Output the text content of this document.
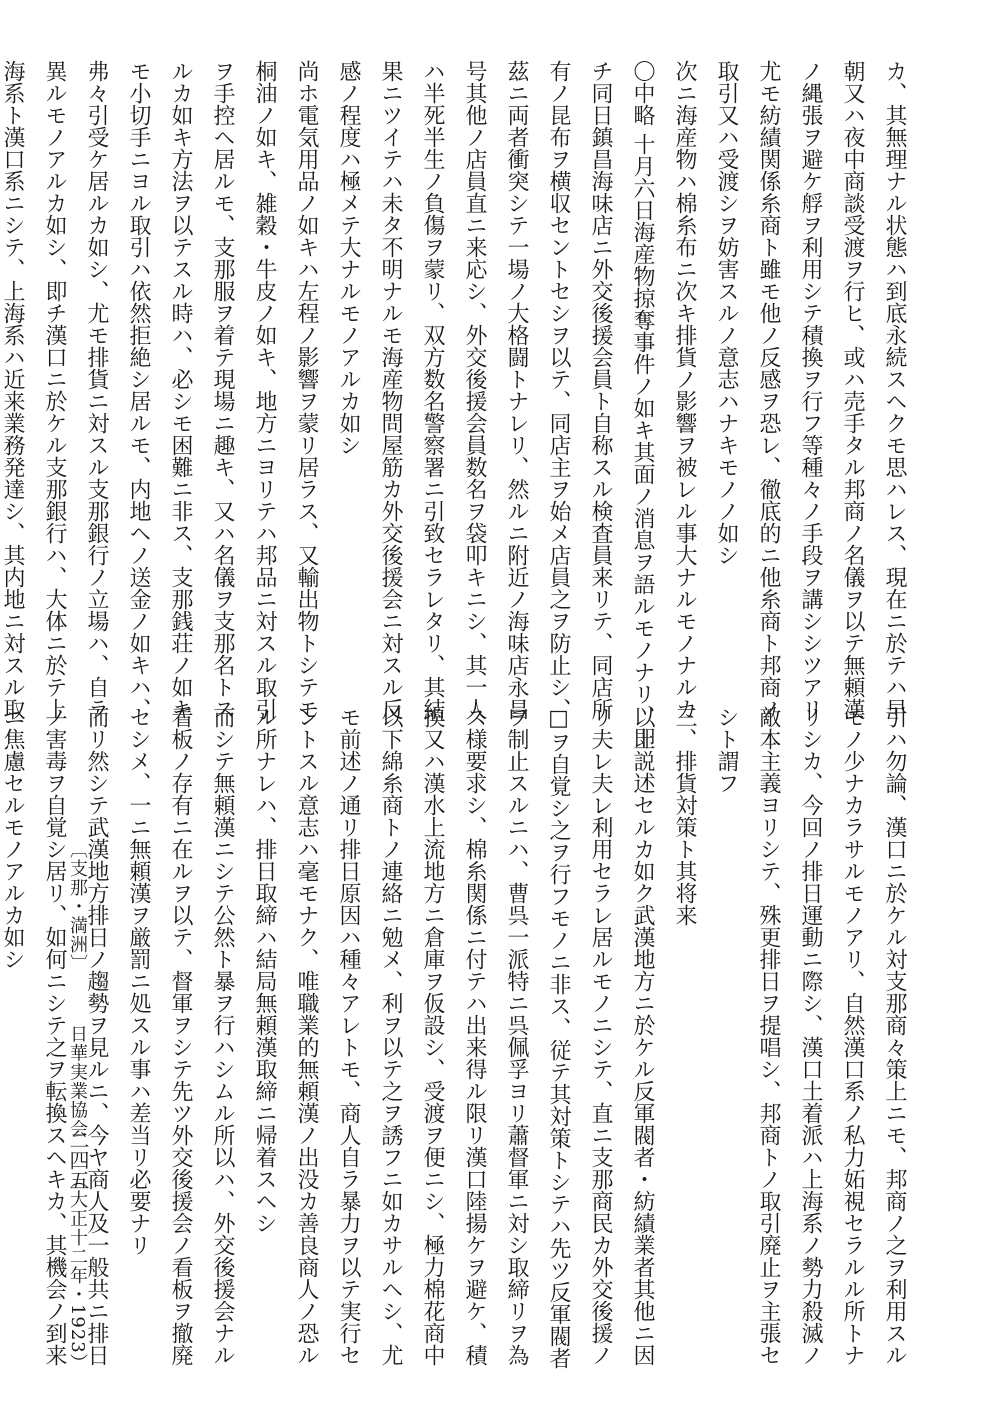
カ、其無理ナル状態ハ到底永続スヘクモ思ハレス、現在ニ於テハ早

朝又ハ夜中商談受渡ヲ行ヒ、或ハ売手タル邦商ノ名儀ヲ以テ無頼漢

ノ縄張ヲ避ケ艀ヲ利用シテ積換ヲ行フ等種々ノ手段ヲ講シシツアリ

尤モ紡績関係糸商ト雖モ他ノ反感ヲ恐レ、徹底的ニ他糸商ト邦商ノ

取引又ハ受渡シヲ妨害スルノ意志ハナキモノノ如シ

次ニ海産物ハ棉糸布ニ次キ排貨ノ影響ヲ被レル事大ナルモノナルカ

〇中略 十月六日海産物掠奪事件ノ如キ其面ノ消息ヲ語ルモノナリ、即

チ同日鎮昌海味店ニ外交後援会員ト自称スル検査員来リテ、同店所

有ノ昆布ヲ横収セントセシヲ以テ、同店主ヲ始メ店員之ヲ防止シ、

茲ニ両者衝突シテ一場ノ大格闘トナレリ、然ルニ附近ノ海味店永昌

号其他ノ店員直ニ来応シ、外交後援会員数名ヲ袋叩キニシ、其一人

ハ半死半生ノ負傷ヲ蒙リ、双方数名警察署ニ引致セラレタリ、其結

果ニツイテハ未タ不明ナルモ海産物問屋筋カ外交後援会ニ対スル反

感ノ程度ハ極メテ大ナルモノアルカ如シ

尚ホ電気用品ノ如キハ左程ノ影響ヲ蒙リ居ラス、又輸出物トシテモ

桐油ノ如キ、雑穀・牛皮ノ如キ、地方ニヨリテハ邦品ニ対スル取引

ヲ手控ヘ居ルモ、支那服ヲ着テ現場ニ趣キ、又ハ名儀ヲ支那名トス

ルカ如キ方法ヲ以テスル時ハ、必シモ困難ニ非ス、支那銭荘ノ如キ

モ小切手ニヨル取引ハ依然拒絶シ居ルモ、内地ヘノ送金ノ如キハ、

弗々引受ケ居ルカ如シ、尤モ排貨ニ対スル支那銀行ノ立場ハ、自ラ

異ルモノアルカ如シ、即チ漢口ニ於ケル支那銀行ハ、大体ニ於テ上

海系ト漢口系ニシテ、上海系ハ近来業務発達シ、其内地ニ対スル取

引ハ勿論、漢口ニ於ケル対支那商々策上ニモ、邦商ノ之ヲ利用スル

モノ少ナカラサルモノアリ、自然漢口系ノ私力妬視セラルル所トナ

リシカ、今回ノ排日運動ニ際シ、漢口土着派ハ上海系ノ勢力殺滅ノ

敵本主義ヨリシテ、殊更排日ヲ提唱シ、邦商トノ取引廃止ヲ主張セ

シト謂フ

三、排貨対策ト其将来

以上説述セルカ如ク武漢地方ニ於ケル反軍閥者・紡績業者其他ニ因

リ夫レ夫レ利用セラレ居ルモノニシテ、直ニ支那商民カ外交後援ノ

□ヲ自覚シ之ヲ行フモノニ非ス、従テ其対策トシテハ先ツ反軍閥者

ヲ制止スルニハ、曹呉一派特ニ呉佩孚ヨリ蕭督軍ニ対シ取締リヲ為

ス様要求シ、棉糸関係ニ付テハ出来得ル限リ漢口陸揚ケヲ避ケ、積

換又ハ漢水上流地方ニ倉庫ヲ仮設シ、受渡ヲ便ニシ、極力棉花商中

以下綿糸商トノ連絡ニ勉メ、利ヲ以テ之ヲ誘フニ如カサルヘシ、尤

モ前述ノ通リ排日原因ハ種々アレトモ、商人自ラ暴力ヲ以テ実行セ

ントスル意志ハ毫モナク、唯職業的無頼漢ノ出没カ善良商人ノ恐ル

ル所ナレハ、排日取締ハ結局無頼漢取締ニ帰着スヘシ

而シテ無頼漢ニシテ公然ト暴ヲ行ハシムル所以ハ、外交後援会ナル

看板ノ存有ニ在ルヲ以テ、督軍ヲシテ先ツ外交後援会ノ看板ヲ撤廃

セシメ、一ニ無頼漢ヲ厳罰ニ処スル事ハ差当リ必要ナリ

而リ然シテ武漢地方排日ノ趨勢ヲ見ルニ、今ヤ商人及一般共ニ排日

ノ害毒ヲ自覚シ居リ、如何ニシテ之ヲ転換スヘキカ、其機会ノ到来

ニ焦慮セルモノアルカ如シ	〔支那・満洲〕 　　 日華実業協会 　 （大正十二年・1923）
二四五
